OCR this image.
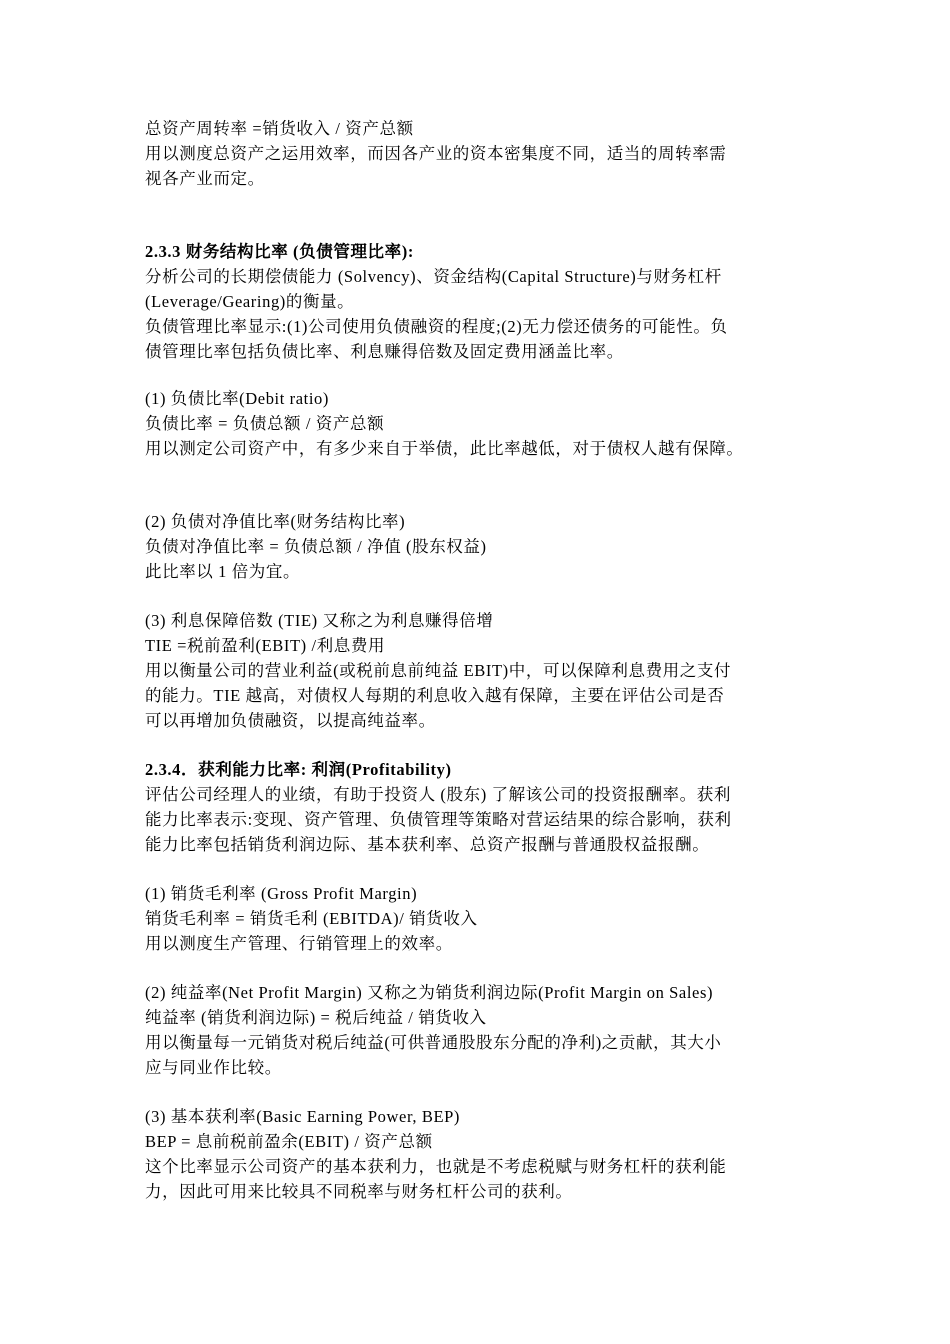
总资产周转率 =销货收入 / 资产总额
用以测度总资产之运用效率，而因各产业的资本密集度不同，适当的周转率需
视各产业而定。
2.3.3 财务结构比率 (负债管理比率):
分析公司的长期偿债能力 (Solvency)、资金结构(Capital Structure)与财务杠杆
(Leverage/Gearing)的衡量。
负债管理比率显示:(1)公司使用负债融资的程度;(2)无力偿还债务的可能性。负
债管理比率包括负债比率、利息赚得倍数及固定费用涵盖比率。
(1) 负债比率(Debit ratio)
负债比率 = 负债总额 / 资产总额
用以测定公司资产中，有多少来自于举债，此比率越低，对于债权人越有保障。
(2) 负债对净值比率(财务结构比率)
负债对净值比率 = 负债总额 / 净值 (股东权益)
此比率以 1 倍为宜。
(3) 利息保障倍数 (TIE) 又称之为利息赚得倍增
TIE =税前盈利(EBIT) /利息费用
用以衡量公司的营业利益(或税前息前纯益 EBIT)中，可以保障利息费用之支付
的能力。TIE 越高，对债权人每期的利息收入越有保障，主要在评估公司是否
可以再增加负债融资，以提高纯益率。
2.3.4．获利能力比率: 利润(Profitability)
评估公司经理人的业绩，有助于投资人 (股东) 了解该公司的投资报酬率。获利
能力比率表示:变现、资产管理、负债管理等策略对营运结果的综合影响，获利
能力比率包括销货利润边际、基本获利率、总资产报酬与普通股权益报酬。
(1) 销货毛利率 (Gross Profit Margin)
销货毛利率 = 销货毛利 (EBITDA)/ 销货收入
用以测度生产管理、行销管理上的效率。
(2) 纯益率(Net Profit Margin) 又称之为销货利润边际(Profit Margin on Sales)
纯益率 (销货利润边际) = 税后纯益 / 销货收入
用以衡量每一元销货对税后纯益(可供普通股股东分配的净利)之贡献，其大小
应与同业作比较。
(3) 基本获利率(Basic Earning Power, BEP)
BEP = 息前税前盈余(EBIT) / 资产总额
这个比率显示公司资产的基本获利力，也就是不考虑税赋与财务杠杆的获利能
力，因此可用来比较具不同税率与财务杠杆公司的获利。
